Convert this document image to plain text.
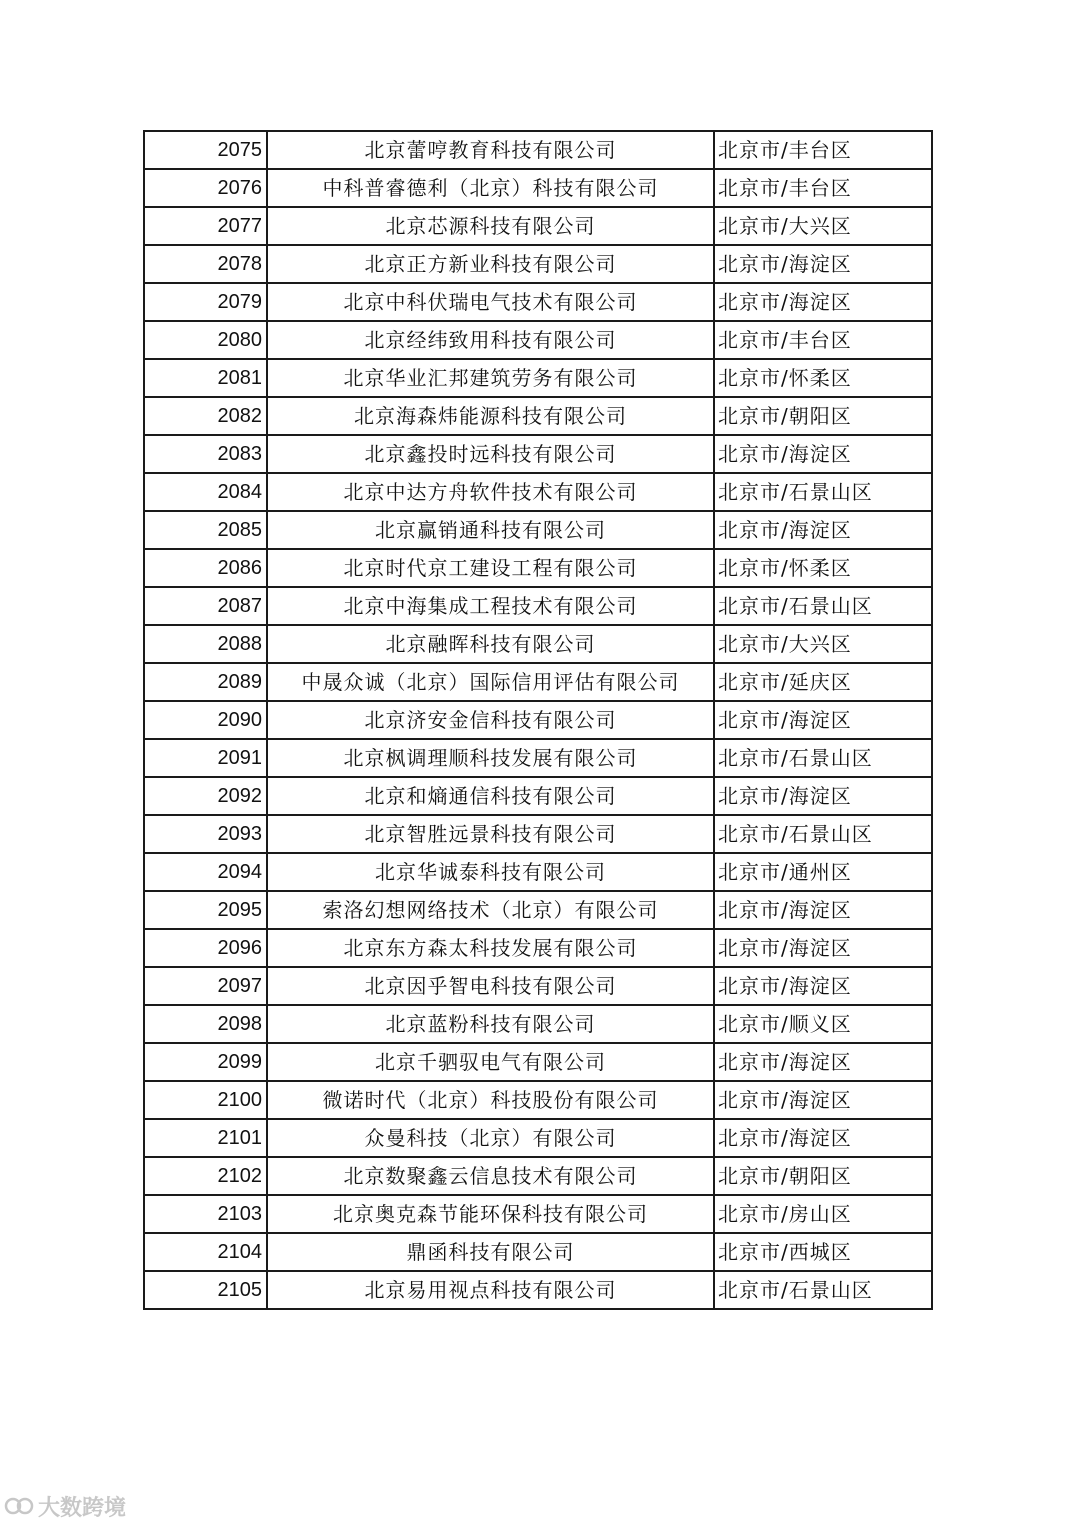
2075	北京蕾哼教育科技有限公司	北京市/丰台区
2076	中科普睿德利（北京）科技有限公司	北京市/丰台区
2077	北京芯源科技有限公司	北京市/大兴区
2078	北京正方新业科技有限公司	北京市/海淀区
2079	北京中科伏瑞电气技术有限公司	北京市/海淀区
2080	北京经纬致用科技有限公司	北京市/丰台区
2081	北京华业汇邦建筑劳务有限公司	北京市/怀柔区
2082	北京海森炜能源科技有限公司	北京市/朝阳区
2083	北京鑫投时远科技有限公司	北京市/海淀区
2084	北京中达方舟软件技术有限公司	北京市/石景山区
2085	北京赢销通科技有限公司	北京市/海淀区
2086	北京时代京工建设工程有限公司	北京市/怀柔区
2087	北京中海集成工程技术有限公司	北京市/石景山区
2088	北京融晖科技有限公司	北京市/大兴区
2089	中晟众诚（北京）国际信用评估有限公司	北京市/延庆区
2090	北京济安金信科技有限公司	北京市/海淀区
2091	北京枫调理顺科技发展有限公司	北京市/石景山区
2092	北京和熵通信科技有限公司	北京市/海淀区
2093	北京智胜远景科技有限公司	北京市/石景山区
2094	北京华诚泰科技有限公司	北京市/通州区
2095	索洛幻想网络技术（北京）有限公司	北京市/海淀区
2096	北京东方森太科技发展有限公司	北京市/海淀区
2097	北京因乎智电科技有限公司	北京市/海淀区
2098	北京蓝粉科技有限公司	北京市/顺义区
2099	北京千驷驭电气有限公司	北京市/海淀区
2100	微诺时代（北京）科技股份有限公司	北京市/海淀区
2101	众曼科技（北京）有限公司	北京市/海淀区
2102	北京数聚鑫云信息技术有限公司	北京市/朝阳区
2103	北京奥克森节能环保科技有限公司	北京市/房山区
2104	鼎函科技有限公司	北京市/西城区
2105	北京易用视点科技有限公司	北京市/石景山区
大数跨境
